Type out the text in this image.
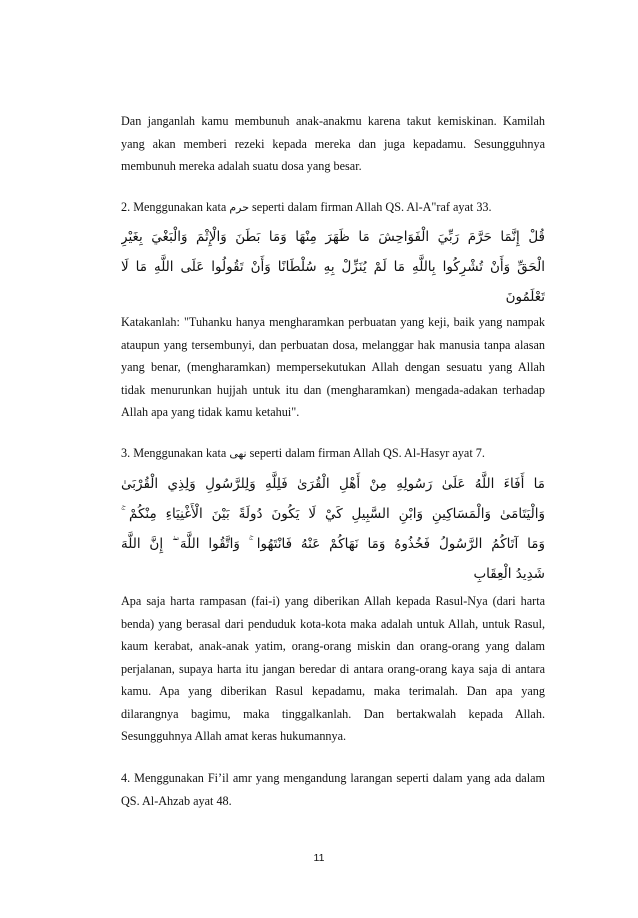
Dan janganlah kamu membunuh anak-anakmu karena takut kemiskinan. Kamilah yang akan memberi rezeki kepada mereka dan juga kepadamu. Sesungguhnya membunuh mereka adalah suatu dosa yang besar.

2. Menggunakan kata حرم seperti dalam firman Allah QS. Al-A"raf ayat 33.

قُلْ إِنَّمَا حَرَّمَ رَبِّيَ الْفَوَاحِشَ مَا ظَهَرَ مِنْهَا وَمَا بَطَنَ وَالْإِثْمَ وَالْبَغْيَ بِغَيْرِ
الْحَقِّ وَأَنْ تُشْرِكُوا بِاللَّهِ مَا لَمْ يُنَزِّلْ بِهِ سُلْطَانًا وَأَنْ تَقُولُوا عَلَى اللَّهِ مَا لَا
تَعْلَمُونَ

Katakanlah: "Tuhanku hanya mengharamkan perbuatan yang keji, baik yang nampak ataupun yang tersembunyi, dan perbuatan dosa, melanggar hak manusia tanpa alasan yang benar, (mengharamkan) mempersekutukan Allah dengan sesuatu yang Allah tidak menurunkan hujjah untuk itu dan (mengharamkan) mengada-adakan terhadap Allah apa yang tidak kamu ketahui".

3. Menggunakan kata نهى seperti dalam firman Allah QS. Al-Hasyr ayat 7.

مَا أَفَاءَ اللَّهُ عَلَىٰ رَسُولِهِ مِنْ أَهْلِ الْقُرَىٰ فَلِلَّهِ وَلِلرَّسُولِ وَلِذِي الْقُرْبَىٰ
وَالْيَتَامَىٰ وَالْمَسَاكِينِ وَابْنِ السَّبِيلِ كَيْ لَا يَكُونَ دُولَةً بَيْنَ الْأَغْنِيَاءِ مِنْكُمْ ۚ
وَمَا آتَاكُمُ الرَّسُولُ فَخُذُوهُ وَمَا نَهَاكُمْ عَنْهُ فَانْتَهُوا ۚ وَاتَّقُوا اللَّهَ ۖ إِنَّ اللَّهَ
شَدِيدُ الْعِقَابِ

Apa saja harta rampasan (fai-i) yang diberikan Allah kepada Rasul-Nya (dari harta benda) yang berasal dari penduduk kota-kota maka adalah untuk Allah, untuk Rasul, kaum kerabat, anak-anak yatim, orang-orang miskin dan orang-orang yang dalam perjalanan, supaya harta itu jangan beredar di antara orang-orang kaya saja di antara kamu. Apa yang diberikan Rasul kepadamu, maka terimalah. Dan apa yang dilarangnya bagimu, maka tinggalkanlah. Dan bertakwalah kepada Allah. Sesungguhnya Allah amat keras hukumannya.

4. Menggunakan Fi’il amr yang mengandung larangan seperti dalam yang ada dalam QS. Al-Ahzab ayat 48.

11
